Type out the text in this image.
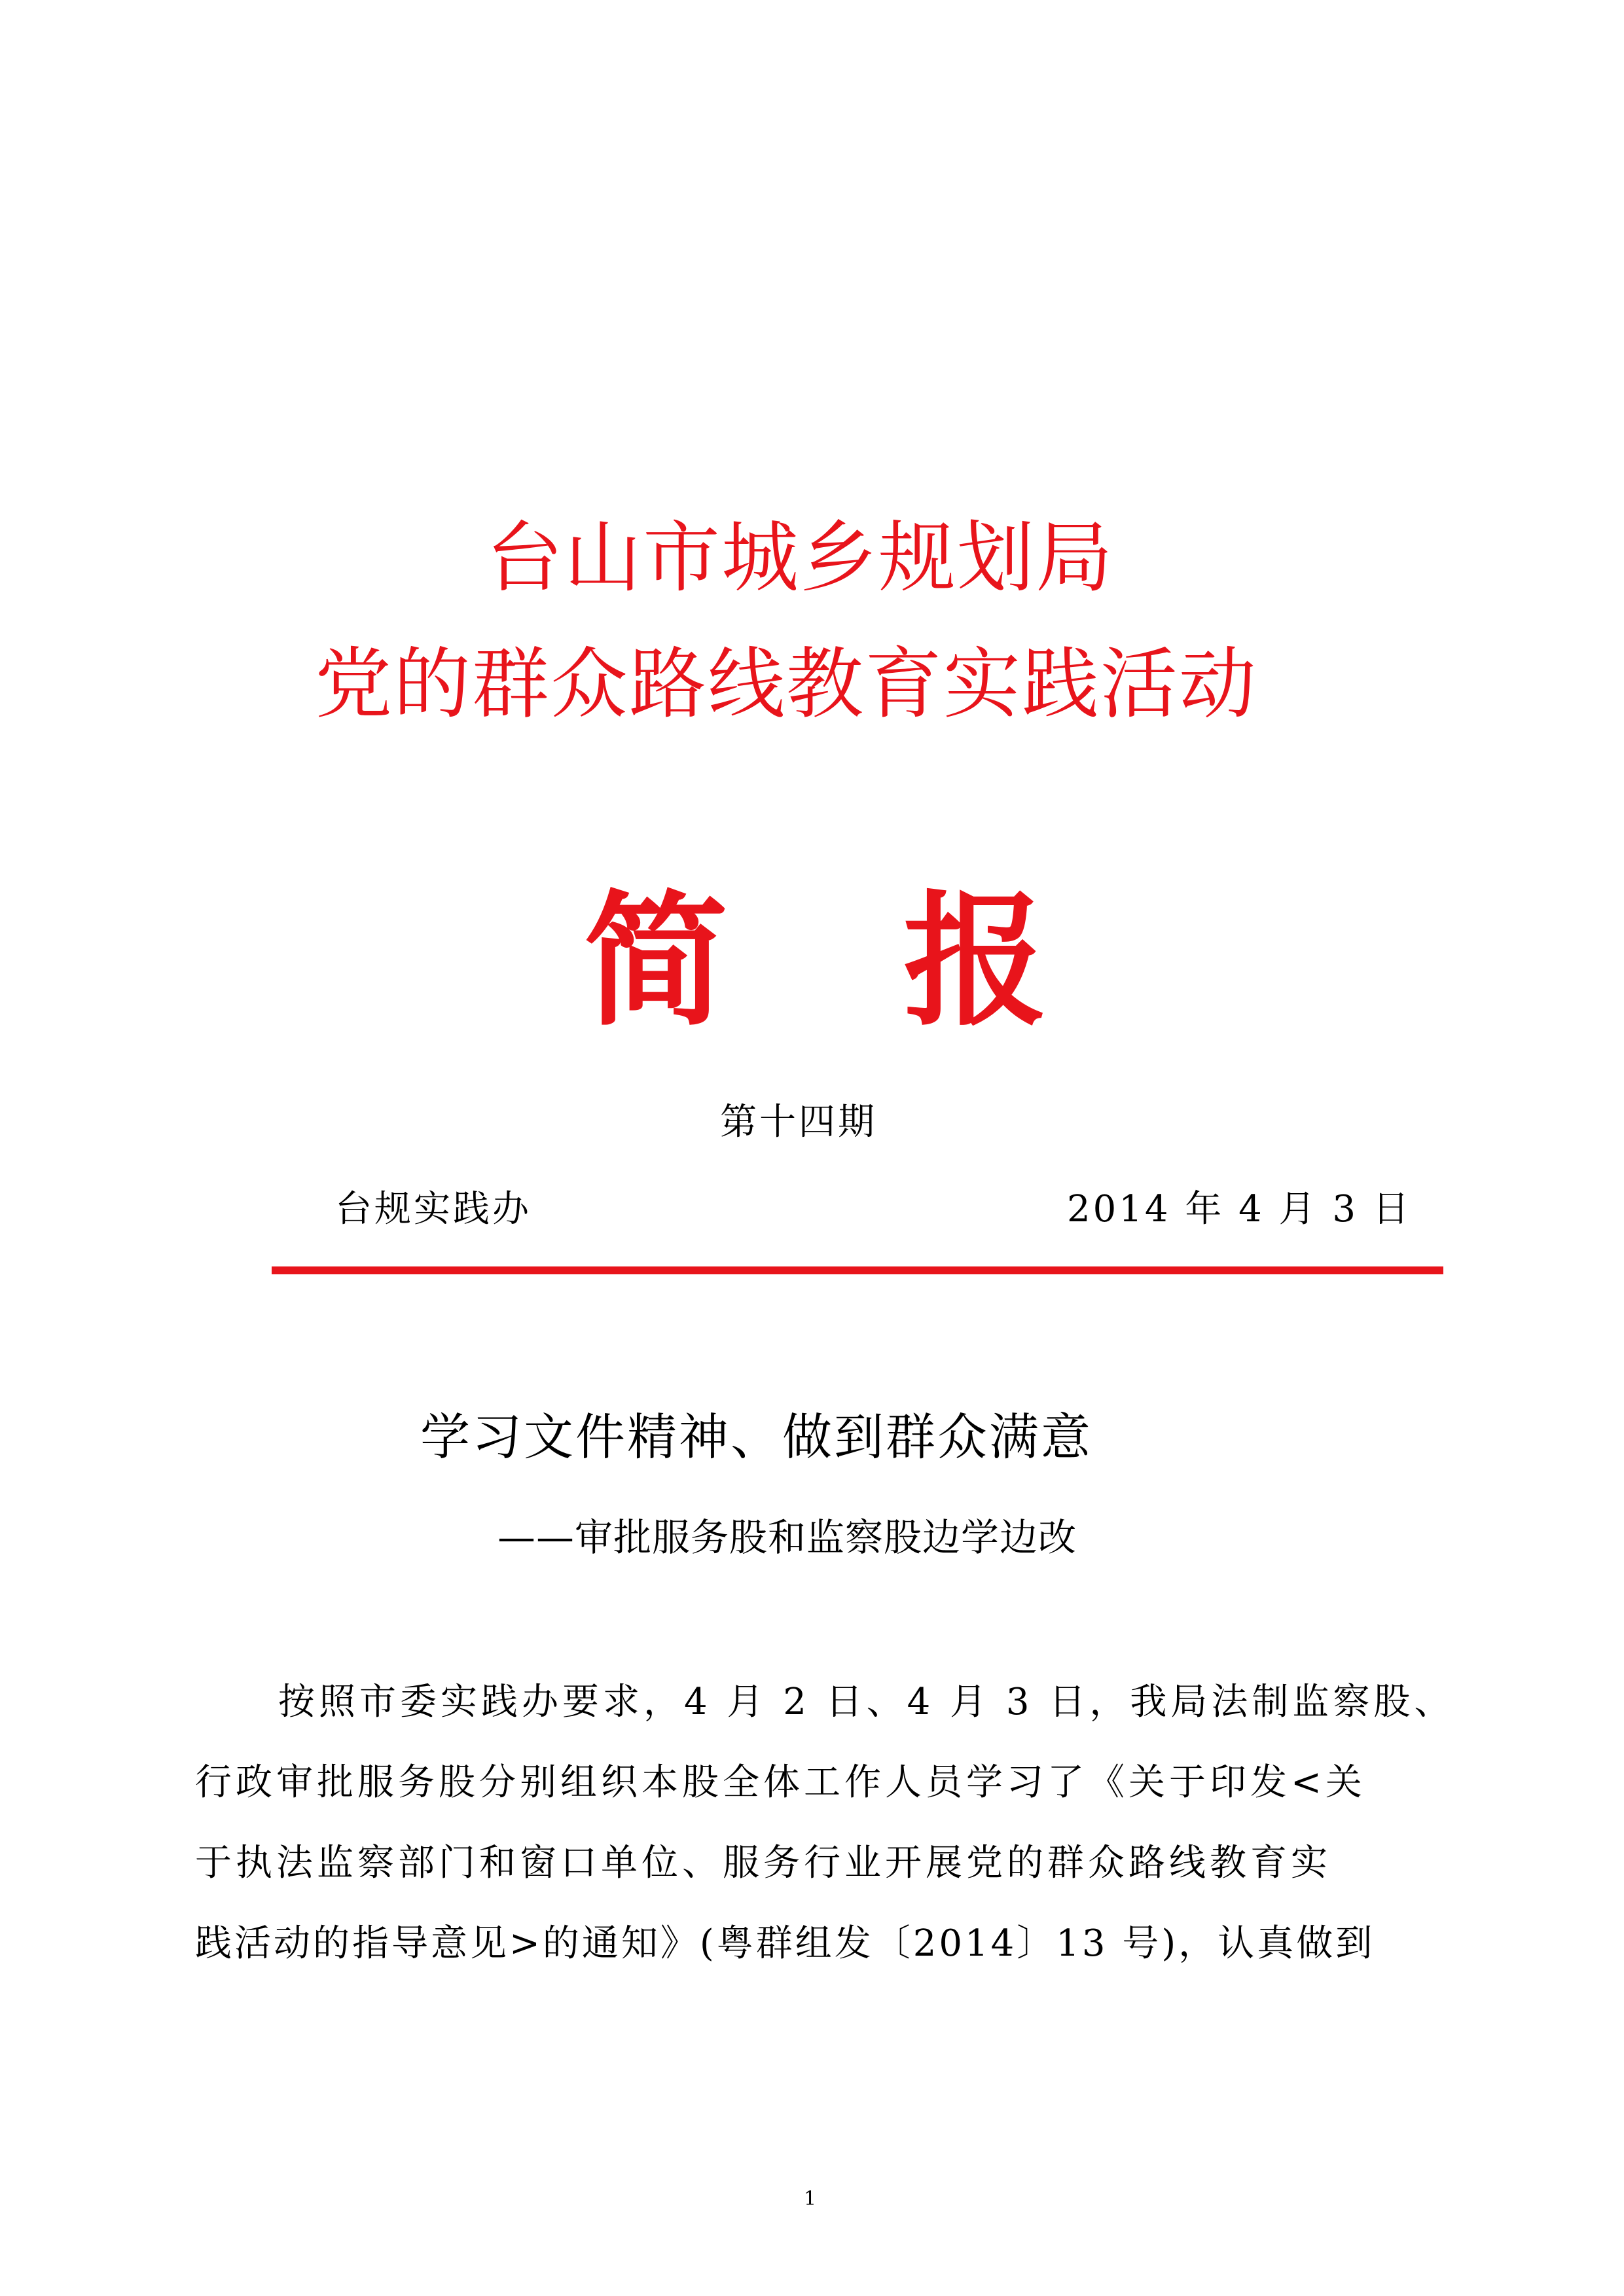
台山市城乡规划局
党的群众路线教育实践活动
简 报
第十四期
台规实践办	2014 年 4 月 3 日
学习文件精神、做到群众满意
——审批服务股和监察股边学边改
按照市委实践办要求，4 月 2 日、4 月 3 日，我局法制监察股、
行政审批服务股分别组织本股全体工作人员学习了《关于印发<关
于执法监察部门和窗口单位、服务行业开展党的群众路线教育实
践活动的指导意见>的通知》(粤群组发〔2014〕13 号)，认真做到
1
